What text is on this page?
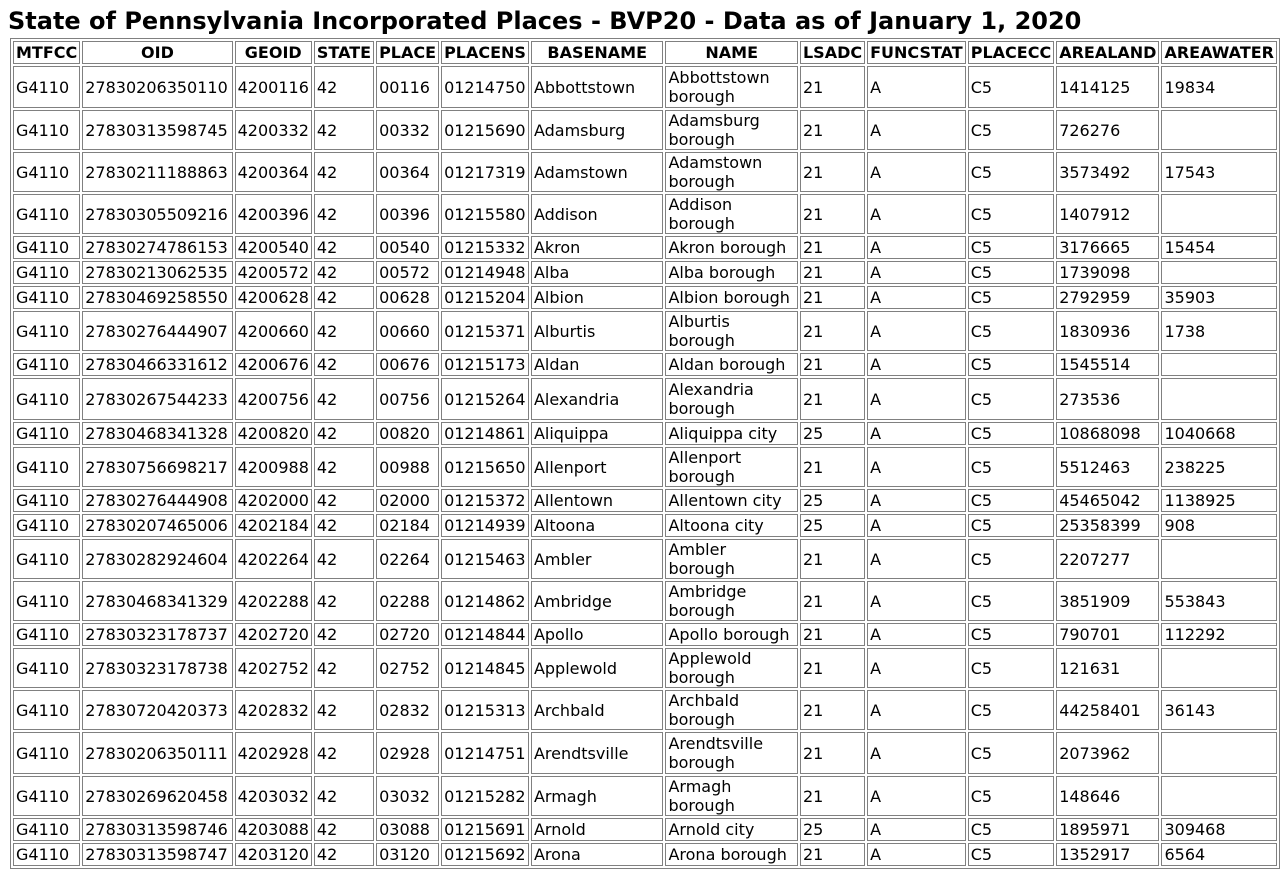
State of Pennsylvania Incorporated Places - BVP20 - Data as of January 1, 2020
MTFCC	OID	GEOID	STATE	PLACE	PLACENS	BASENAME	NAME	LSADC	FUNCSTAT	PLACECC	AREALAND	AREAWATER
G4110	27830206350110	4200116	42	00116	01214750	Abbottstown	Abbottstown borough	21	A	C5	1414125	19834
G4110	27830313598745	4200332	42	00332	01215690	Adamsburg	Adamsburg borough	21	A	C5	726276	
G4110	27830211188863	4200364	42	00364	01217319	Adamstown	Adamstown borough	21	A	C5	3573492	17543
G4110	27830305509216	4200396	42	00396	01215580	Addison	Addison borough	21	A	C5	1407912	
G4110	27830274786153	4200540	42	00540	01215332	Akron	Akron borough	21	A	C5	3176665	15454
G4110	27830213062535	4200572	42	00572	01214948	Alba	Alba borough	21	A	C5	1739098	
G4110	27830469258550	4200628	42	00628	01215204	Albion	Albion borough	21	A	C5	2792959	35903
G4110	27830276444907	4200660	42	00660	01215371	Alburtis	Alburtis borough	21	A	C5	1830936	1738
G4110	27830466331612	4200676	42	00676	01215173	Aldan	Aldan borough	21	A	C5	1545514	
G4110	27830267544233	4200756	42	00756	01215264	Alexandria	Alexandria borough	21	A	C5	273536	
G4110	27830468341328	4200820	42	00820	01214861	Aliquippa	Aliquippa city	25	A	C5	10868098	1040668
G4110	27830756698217	4200988	42	00988	01215650	Allenport	Allenport borough	21	A	C5	5512463	238225
G4110	27830276444908	4202000	42	02000	01215372	Allentown	Allentown city	25	A	C5	45465042	1138925
G4110	27830207465006	4202184	42	02184	01214939	Altoona	Altoona city	25	A	C5	25358399	908
G4110	27830282924604	4202264	42	02264	01215463	Ambler	Ambler borough	21	A	C5	2207277	
G4110	27830468341329	4202288	42	02288	01214862	Ambridge	Ambridge borough	21	A	C5	3851909	553843
G4110	27830323178737	4202720	42	02720	01214844	Apollo	Apollo borough	21	A	C5	790701	112292
G4110	27830323178738	4202752	42	02752	01214845	Applewold	Applewold borough	21	A	C5	121631	
G4110	27830720420373	4202832	42	02832	01215313	Archbald	Archbald borough	21	A	C5	44258401	36143
G4110	27830206350111	4202928	42	02928	01214751	Arendtsville	Arendtsville borough	21	A	C5	2073962	
G4110	27830269620458	4203032	42	03032	01215282	Armagh	Armagh borough	21	A	C5	148646	
G4110	27830313598746	4203088	42	03088	01215691	Arnold	Arnold city	25	A	C5	1895971	309468
G4110	27830313598747	4203120	42	03120	01215692	Arona	Arona borough	21	A	C5	1352917	6564
